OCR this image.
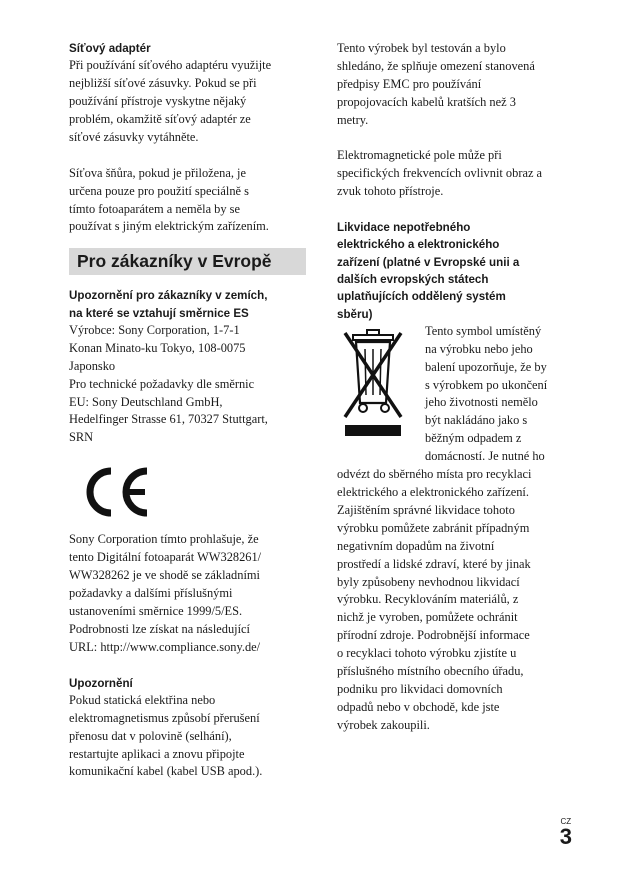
Síťový adaptér

Při používání síťového adaptéru využijte
nejbližší síťové zásuvky. Pokud se při
používání přístroje vyskytne nějaký
problém, okamžitě síťový adaptér ze
síťové zásuvky vytáhněte.

Síťova šňůra, pokud je přiložena, je
určena pouze pro použití speciálně s
tímto fotoaparátem a neměla by se
používat s jiným elektrickým zařízením.

Pro zákazníky v Evropě

Upozornění pro zákazníky v zemích,
na které se vztahují směrnice ES

Výrobce: Sony Corporation, 1-7-1
Konan Minato-ku Tokyo, 108-0075
Japonsko
Pro technické požadavky dle směrnic
EU: Sony Deutschland GmbH,
Hedelfinger Strasse 61, 70327 Stuttgart,
SRN

Sony Corporation tímto prohlašuje, že
tento Digitální fotoaparát WW328261/
WW328262 je ve shodě se základními
požadavky a dalšími příslušnými
ustanoveními směrnice 1999/5/ES.
Podrobnosti lze získat na následující
URL: http://www.compliance.sony.de/

Upozornění

Pokud statická elektřina nebo
elektromagnetismus způsobí přerušení
přenosu dat v polovině (selhání),
restartujte aplikaci a znovu připojte
komunikační kabel (kabel USB apod.).

Tento výrobek byl testován a bylo
shledáno, že splňuje omezení stanovená
předpisy EMC pro používání
propojovacích kabelů kratších než 3
metry.

Elektromagnetické pole může při
specifických frekvencích ovlivnit obraz a
zvuk tohoto přístroje.

Likvidace nepotřebného
elektrického a elektronického
zařízení (platné v Evropské unii a
dalších evropských státech
uplatňujících oddělený systém
sběru)

Tento symbol umístěný
na výrobku nebo jeho
balení upozorňuje, že by
s výrobkem po ukončení
jeho životnosti nemělo
být nakládáno jako s
běžným odpadem z
domácností. Je nutné ho

odvézt do sběrného místa pro recyklaci
elektrického a elektronického zařízení.
Zajištěním správné likvidace tohoto
výrobku pomůžete zabránit případným
negativním dopadům na životní
prostředí a lidské zdraví, které by jinak
byly způsobeny nevhodnou likvidací
výrobku. Recyklováním materiálů, z
nichž je vyroben, pomůžete ochránit
přírodní zdroje. Podrobnější informace
o recyklaci tohoto výrobku zjistíte u
příslušného místního obecního úřadu,
podniku pro likvidaci domovních
odpadů nebo v obchodě, kde jste
výrobek zakoupili.

CZ
3
